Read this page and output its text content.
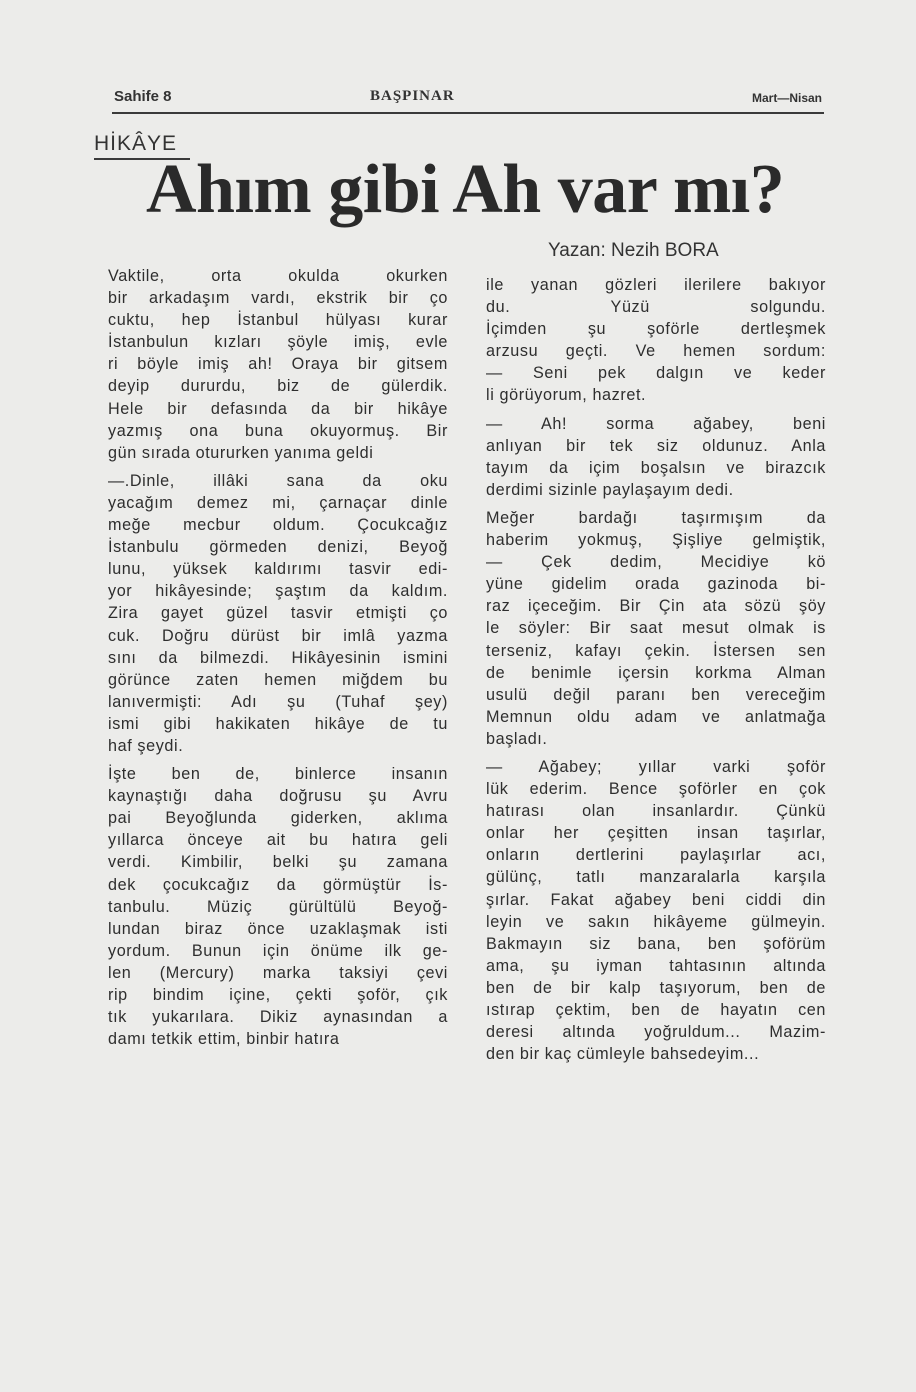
Sahife 8	BAŞPINAR	Mart—Nisan
HİKÂYE
Ahım gibi Ah var mı?
Yazan: Nezih BORA
Vaktile, orta okulda okurken
bir arkadaşım vardı, ekstrik bir ço
cuktu, hep İstanbul hülyası kurar
İstanbulun kızları şöyle imiş, evle
ri böyle imiş ah! Oraya bir gitsem
deyip dururdu, biz de gülerdik.
Hele bir defasında da bir hikâye
yazmış ona buna okuyormuş. Bir
gün sırada otururken yanıma geldi
—.Dinle, illâki sana da oku
yacağım demez mi, çarnaçar dinle
meğe mecbur oldum. Çocukcağız
İstanbulu görmeden denizi, Beyoğ
lunu, yüksek kaldırımı tasvir edi-
yor hikâyesinde; şaştım da kaldım.
Zira gayet güzel tasvir etmişti ço
cuk. Doğru dürüst bir imlâ yazma
sını da bilmezdi. Hikâyesinin ismini
görünce zaten hemen miğdem bu
lanıvermişti: Adı şu (Tuhaf şey)
ismi gibi hakikaten hikâye de tu
haf şeydi.
İşte ben de, binlerce insanın
kaynaştığı daha doğrusu şu Avru
pai Beyoğlunda giderken, aklıma
yıllarca önceye ait bu hatıra geli
verdi. Kimbilir, belki şu zamana
dek çocukcağız da görmüştür İs-
tanbulu. Müziç gürültülü Beyoğ-
lundan biraz önce uzaklaşmak isti
yordum. Bunun için önüme ilk ge-
len (Mercury) marka taksiyi çevi
rip bindim içine, çekti şoför, çık
tık yukarılara. Dikiz aynasından a
damı tetkik ettim, binbir hatıra
ile yanan gözleri ilerilere bakıyor
du. Yüzü solgundu.
İçimden şu şoförle dertleşmek
arzusu geçti. Ve hemen sordum:
— Seni pek dalgın ve keder
li görüyorum, hazret.
— Ah! sorma ağabey, beni
anlıyan bir tek siz oldunuz. Anla
tayım da içim boşalsın ve birazcık
derdimi sizinle paylaşayım dedi.
Meğer bardağı taşırmışım da
haberim yokmuş, Şişliye gelmiştik,
— Çek dedim, Mecidiye kö
yüne gidelim orada gazinoda bi-
raz içeceğim. Bir Çin ata sözü şöy
le söyler: Bir saat mesut olmak is
terseniz, kafayı çekin. İstersen sen
de benimle içersin korkma Alman
usulü değil paranı ben vereceğim
Memnun oldu adam ve anlatmağa
başladı.
— Ağabey; yıllar varki şoför
lük ederim. Bence şoförler en çok
hatırası olan insanlardır. Çünkü
onlar her çeşitten insan taşırlar,
onların dertlerini paylaşırlar acı,
gülünç, tatlı manzaralarla karşıla
şırlar. Fakat ağabey beni ciddi din
leyin ve sakın hikâyeme gülmeyin.
Bakmayın siz bana, ben şoförüm
ama, şu iyman tahtasının altında
ben de bir kalp taşıyorum, ben de
ıstırap çektim, ben de hayatın cen
deresi altında yoğruldum... Mazim-
den bir kaç cümleyle bahsedeyim...
